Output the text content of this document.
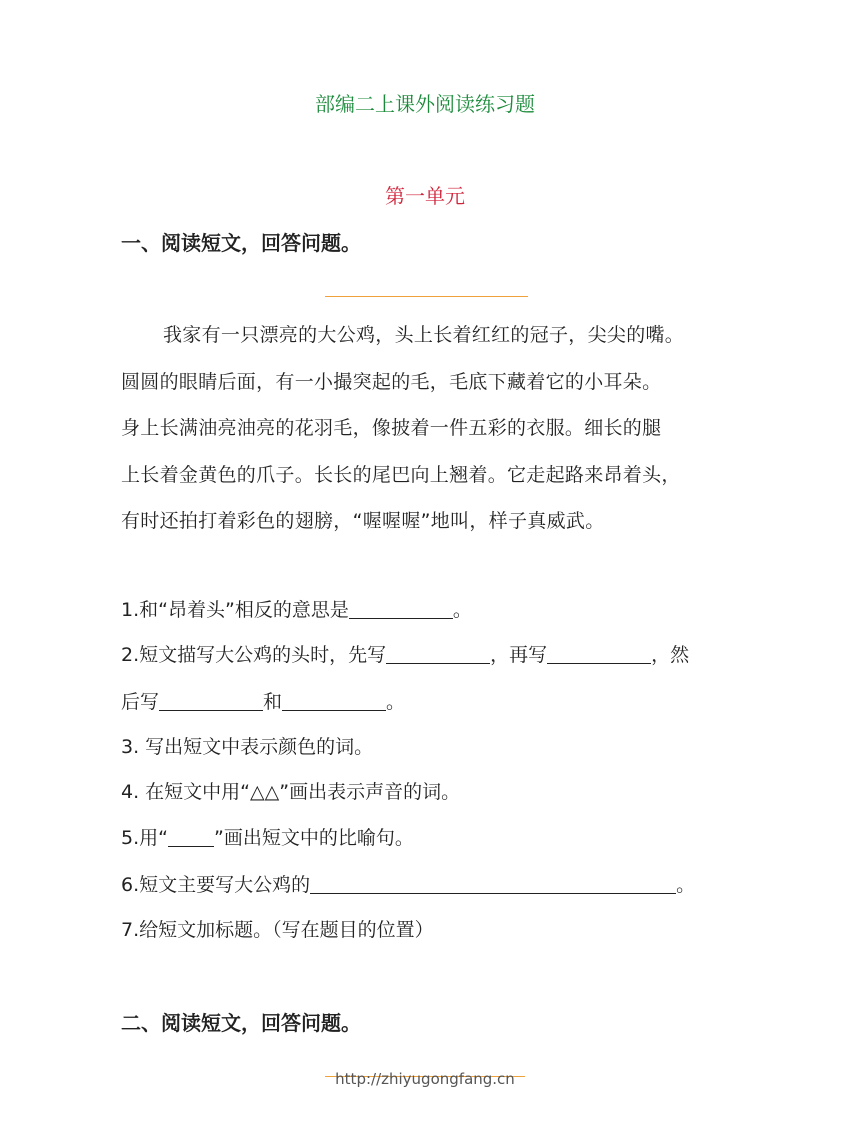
部编二上课外阅读练习题
第一单元
一、阅读短文，回答问题。

我家有一只漂亮的大公鸡，头上长着红红的冠子，尖尖的嘴。

圆圆的眼睛后面，有一小撮突起的毛，毛底下藏着它的小耳朵。

身上长满油亮油亮的花羽毛，像披着一件五彩的衣服。细长的腿

上长着金黄色的爪子。长长的尾巴向上翘着。它走起路来昂着头，

有时还拍打着彩色的翅膀，“喔喔喔”地叫，样子真威武。

1.和“昂着头”相反的意思是	。
2.短文描写大公鸡的头时，先写	，再写	，然
后写	和	。
3. 写出短文中表示颜色的词。
4. 在短文中用“△△”画出表示声音的词。
5.用“ ”画出短文中的比喻句。
6.短文主要写大公鸡的	。
7.给短文加标题。（写在题目的位置）
二、阅读短文，回答问题。
http://zhiyugongfang.cn
